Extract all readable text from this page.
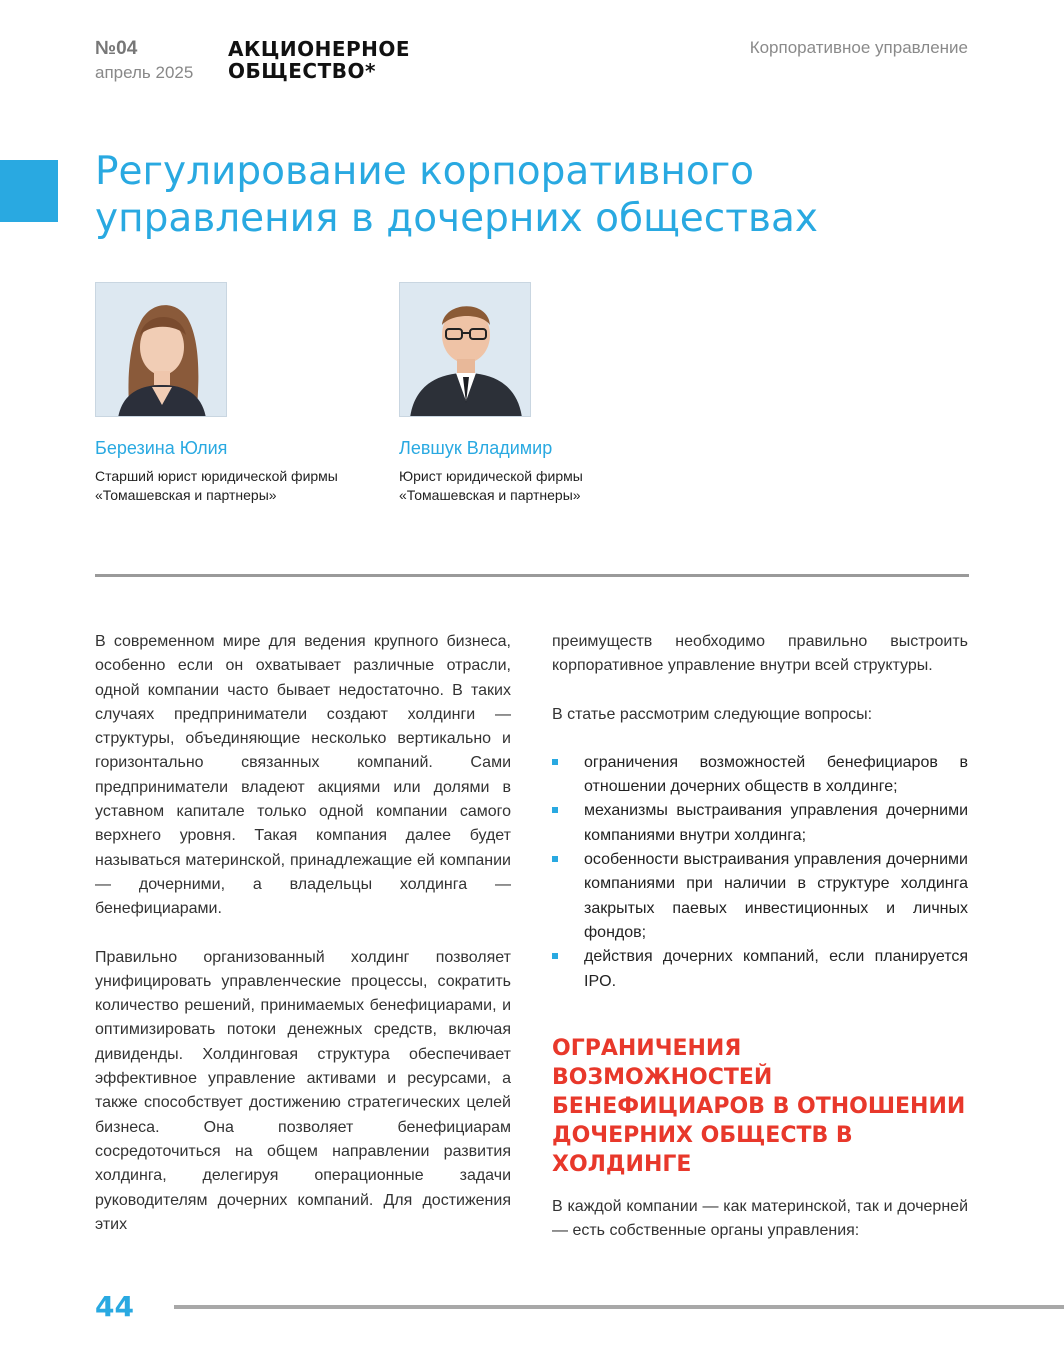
№04
апрель 2025
АКЦИОНЕРНОЕ
ОБЩЕСТВО*
Корпоративное управление
Регулирование корпоративного управления в дочерних обществах
Березина Юлия
Старший юрист юридической фирмы «Томашевская и партнеры»
Левшук Владимир
Юрист юридической фирмы «Томашевская и партнеры»

В современном мире для ведения крупного бизнеса, особенно если он охватывает различные отрасли, одной компании часто бывает недостаточно. В таких случаях предприниматели создают холдинги — структуры, объединяющие несколько вертикально и горизонтально связанных компаний. Сами предприниматели владеют акциями или долями в уставном капитале только одной компании самого верхнего уровня. Такая компания далее будет называться материнской, принадлежащие ей компании — дочерними, а владельцы холдинга — бенефициарами.

Правильно организованный холдинг позволяет унифицировать управленческие процессы, сократить количество решений, принимаемых бенефициарами, и оптимизировать потоки денежных средств, включая дивиденды. Холдинговая структура обеспечивает эффективное управление активами и ресурсами, а также способствует достижению стратегических целей бизнеса. Она позволяет бенефициарам сосредоточиться на общем направлении развития холдинга, делегируя операционные задачи руководителям дочерних компаний. Для достижения этих

преимуществ необходимо правильно выстроить корпоративное управление внутри всей структуры.

В статье рассмотрим следующие вопросы:

ограничения возможностей бенефициаров в отношении дочерних обществ в холдинге;
механизмы выстраивания управления дочерними компаниями внутри холдинга;
особенности выстраивания управления дочерними компаниями при наличии в структуре холдинга закрытых паевых инвестиционных и личных фондов;
действия дочерних компаний, если планируется IPO.
ОГРАНИЧЕНИЯ ВОЗМОЖНОСТЕЙ БЕНЕФИЦИАРОВ В ОТНОШЕНИИ ДОЧЕРНИХ ОБЩЕСТВ В ХОЛДИНГЕ

В каждой компании — как материнской, так и дочерней — есть собственные органы управления:

44
